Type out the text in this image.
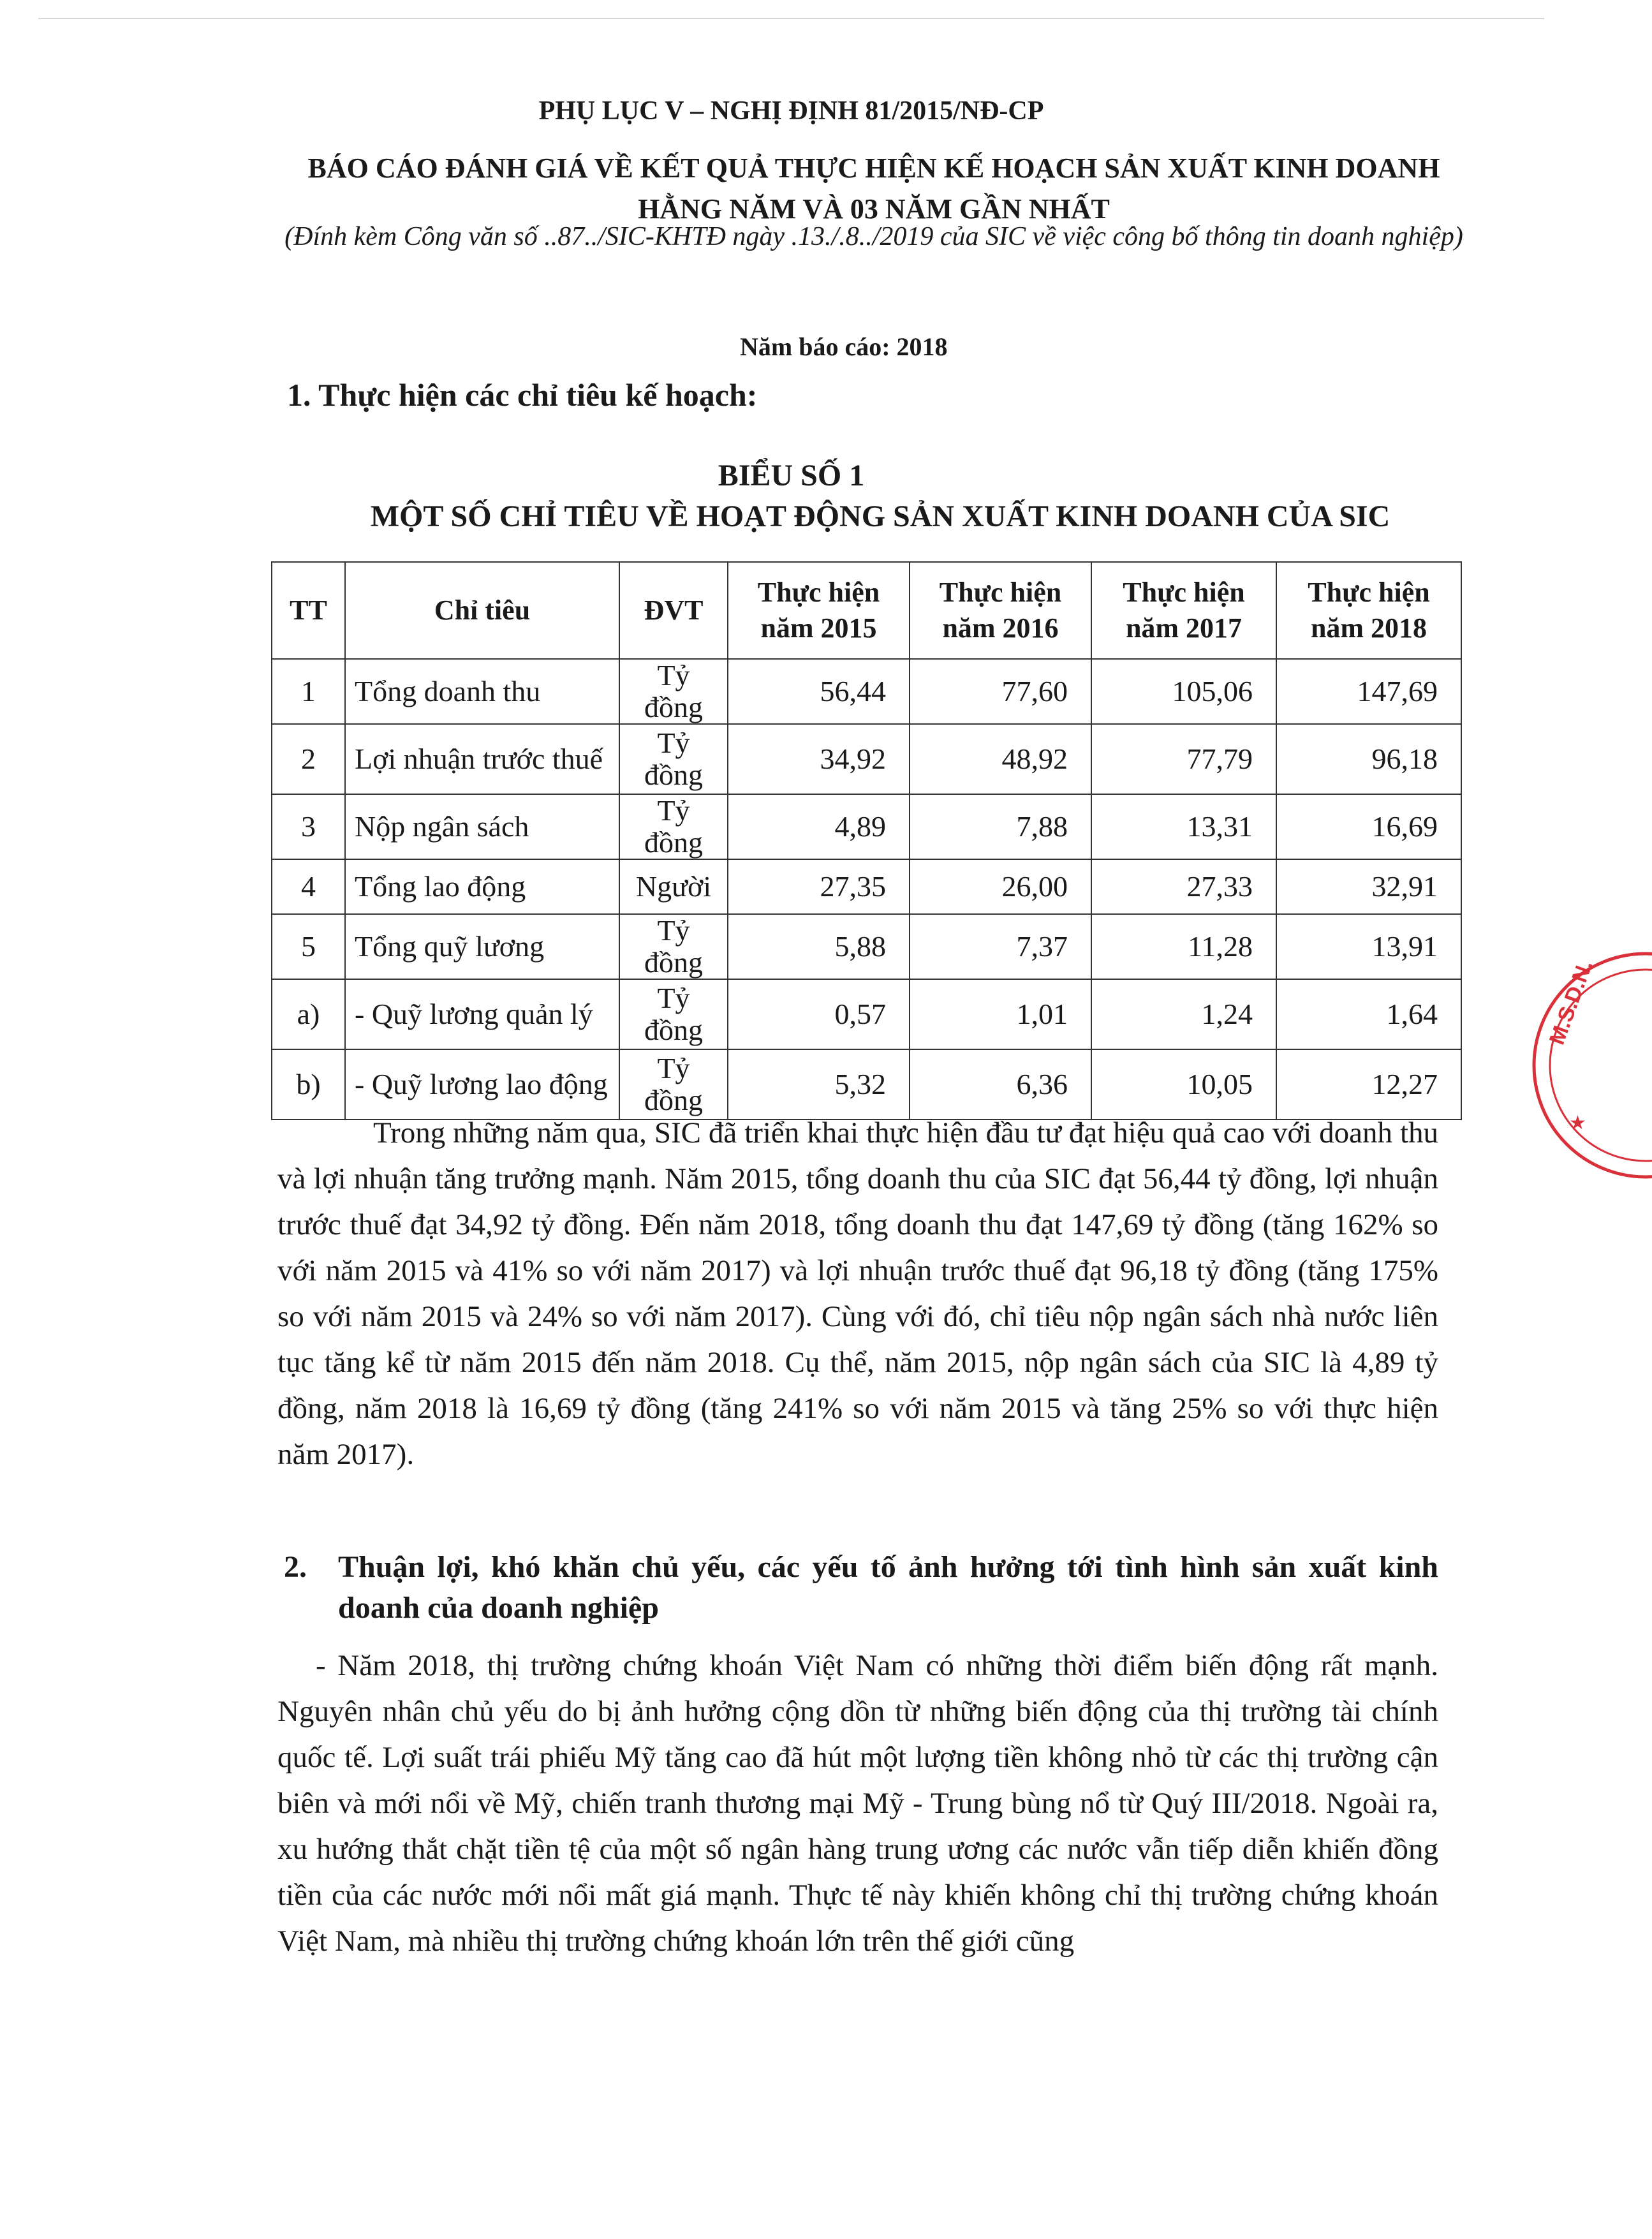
PHỤ LỤC V – NGHỊ ĐỊNH 81/2015/NĐ-CP
BÁO CÁO ĐÁNH GIÁ VỀ KẾT QUẢ THỰC HIỆN KẾ HOẠCH SẢN XUẤT KINH DOANH HẰNG NĂM VÀ 03 NĂM GẦN NHẤT
(Đính kèm Công văn số ..87../SIC-KHTĐ ngày .13./.8../2019 của SIC về việc công bố thông tin doanh nghiệp)
Năm báo cáo: 2018
1. Thực hiện các chỉ tiêu kế hoạch:
BIỂU SỐ 1
MỘT SỐ CHỈ TIÊU VỀ HOẠT ĐỘNG SẢN XUẤT KINH DOANH CỦA SIC
TT	Chỉ tiêu	ĐVT	Thực hiện năm 2015	Thực hiện năm 2016	Thực hiện năm 2017	Thực hiện năm 2018
1	Tổng doanh thu	Tỷ đồng	56,44	77,60	105,06	147,69
2	Lợi nhuận trước thuế	Tỷ đồng	34,92	48,92	77,79	96,18
3	Nộp ngân sách	Tỷ đồng	4,89	7,88	13,31	16,69
4	Tổng lao động	Người	27,35	26,00	27,33	32,91
5	Tổng quỹ lương	Tỷ đồng	5,88	7,37	11,28	13,91
a)	- Quỹ lương quản lý	Tỷ đồng	0,57	1,01	1,24	1,64
b)	- Quỹ lương lao động	Tỷ đồng	5,32	6,36	10,05	12,27
Trong những năm qua, SIC đã triển khai thực hiện đầu tư đạt hiệu quả cao với doanh thu và lợi nhuận tăng trưởng mạnh. Năm 2015, tổng doanh thu của SIC đạt 56,44 tỷ đồng, lợi nhuận trước thuế đạt 34,92 tỷ đồng. Đến năm 2018, tổng doanh thu đạt 147,69 tỷ đồng (tăng 162% so với năm 2015 và 41% so với năm 2017) và lợi nhuận trước thuế đạt 96,18 tỷ đồng (tăng 175% so với năm 2015 và 24% so với năm 2017). Cùng với đó, chỉ tiêu nộp ngân sách nhà nước liên tục tăng kể từ năm 2015 đến năm 2018. Cụ thể, năm 2015, nộp ngân sách của SIC là 4,89 tỷ đồng, năm 2018 là 16,69 tỷ đồng (tăng 241% so với năm 2015 và tăng 25% so với thực hiện năm 2017).
2. Thuận lợi, khó khăn chủ yếu, các yếu tố ảnh hưởng tới tình hình sản xuất kinh doanh của doanh nghiệp
- Năm 2018, thị trường chứng khoán Việt Nam có những thời điểm biến động rất mạnh. Nguyên nhân chủ yếu do bị ảnh hưởng cộng dồn từ những biến động của thị trường tài chính quốc tế. Lợi suất trái phiếu Mỹ tăng cao đã hút một lượng tiền không nhỏ từ các thị trường cận biên và mới nổi về Mỹ, chiến tranh thương mại Mỹ - Trung bùng nổ từ Quý III/2018. Ngoài ra, xu hướng thắt chặt tiền tệ của một số ngân hàng trung ương các nước vẫn tiếp diễn khiến đồng tiền của các nước mới nổi mất giá mạnh. Thực tế này khiến không chỉ thị trường chứng khoán Việt Nam, mà nhiều thị trường chứng khoán lớn trên thế giới cũng
M.S.D.N.
★
